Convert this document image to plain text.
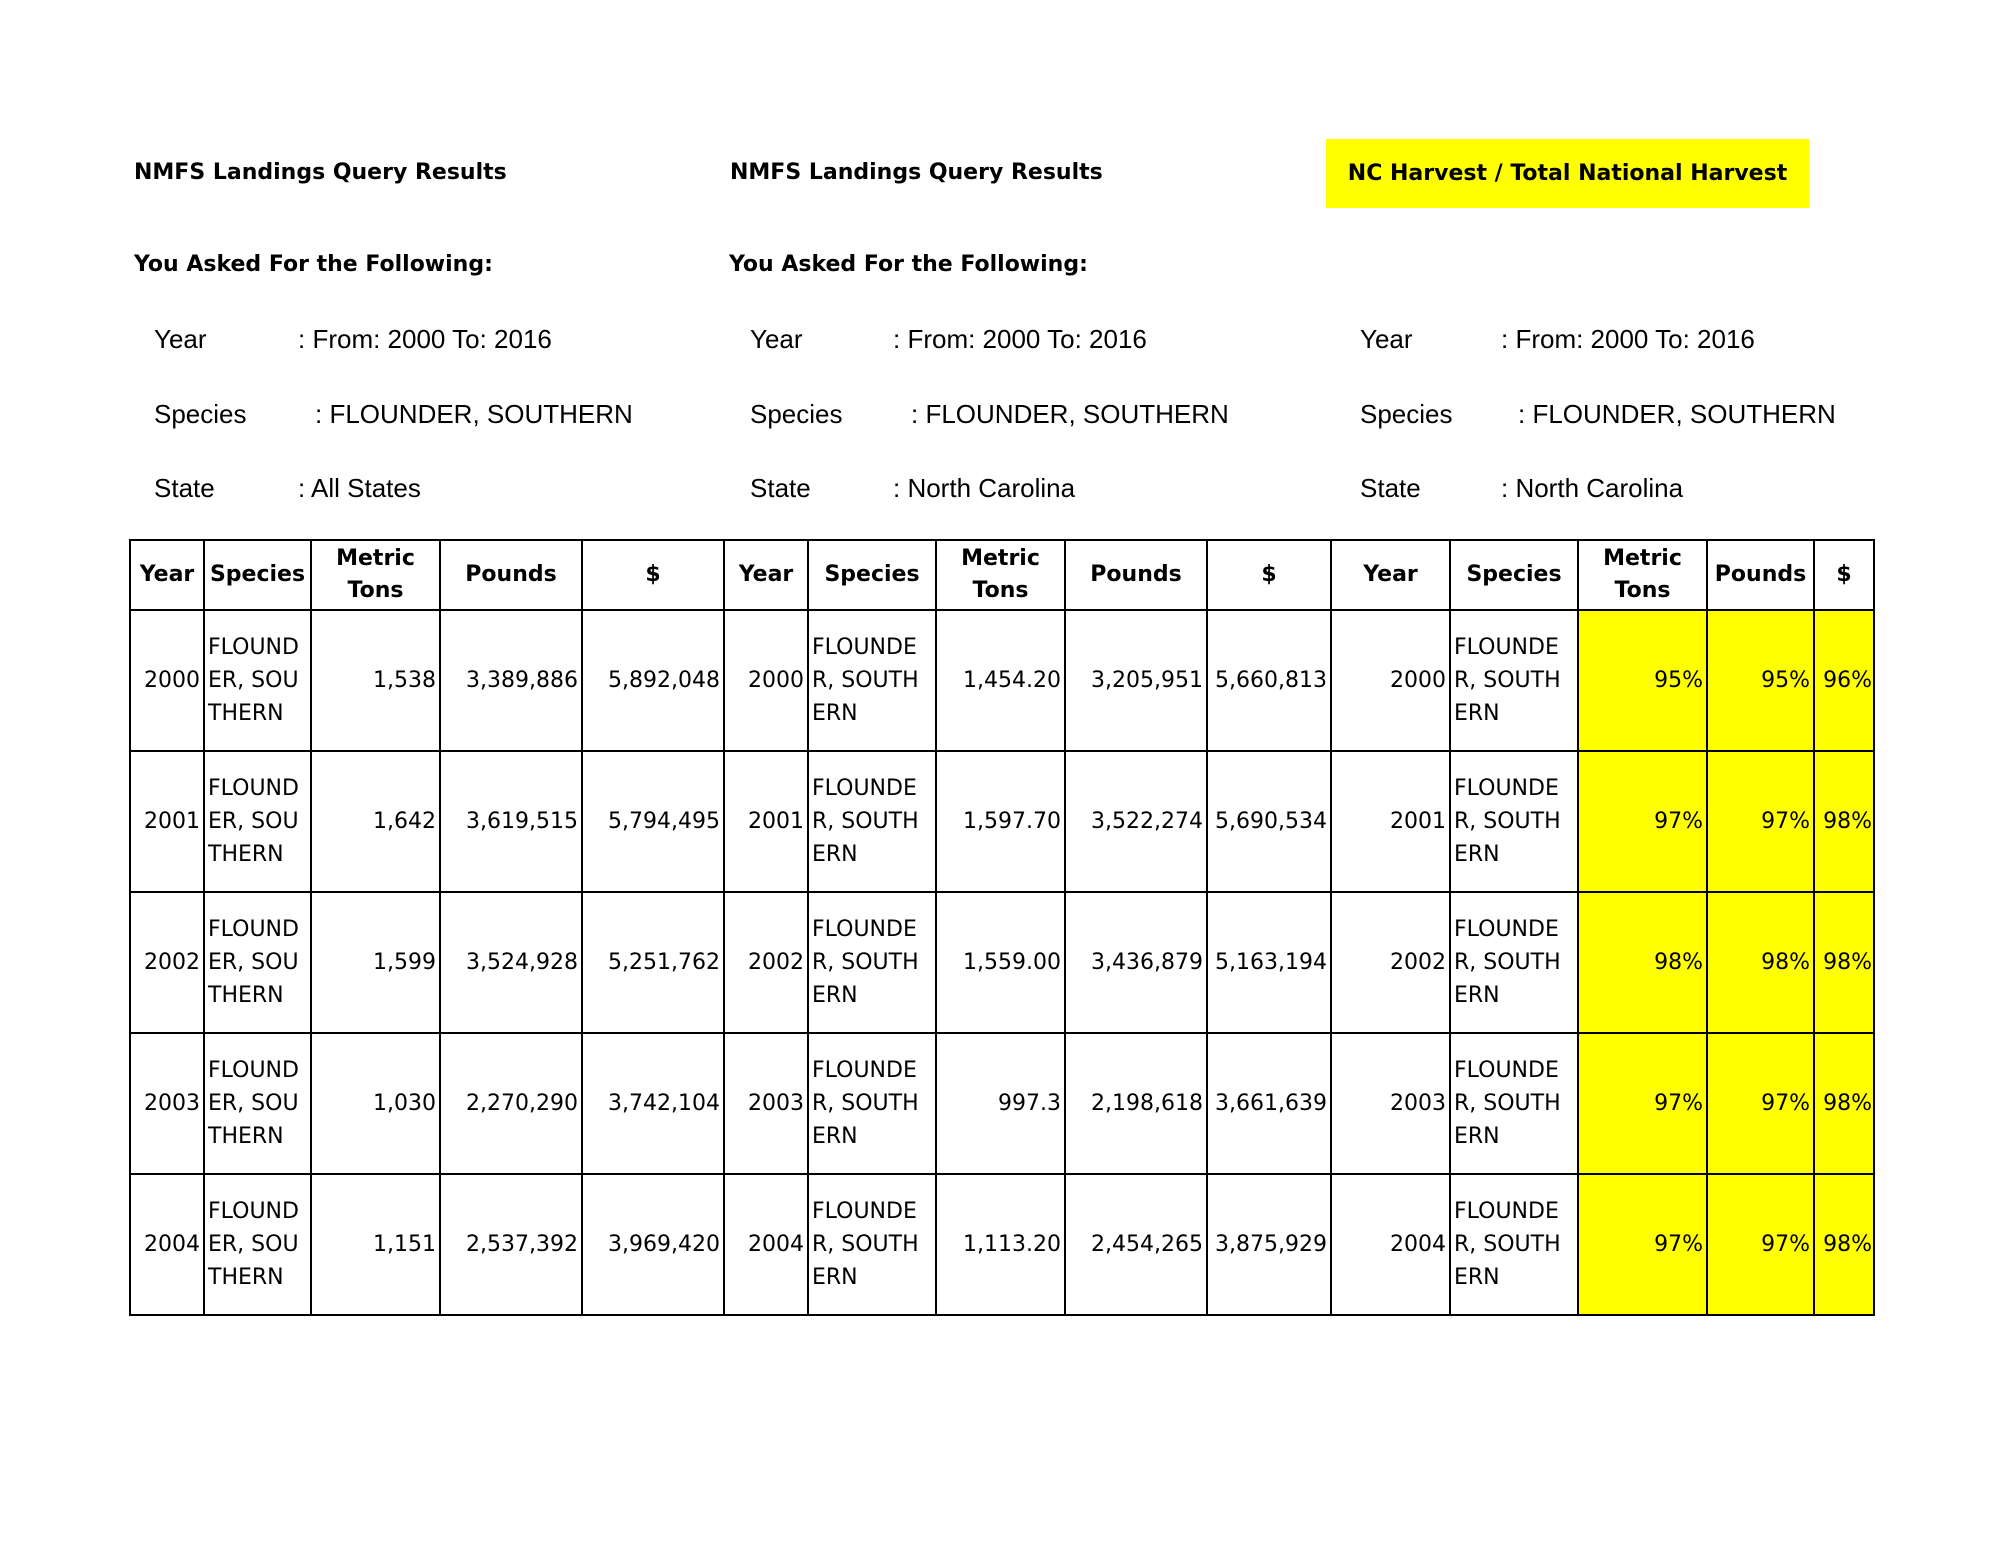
NMFS Landings Query Results
You Asked For the Following:
Year	: From: 2000 To: 2016
Species	: FLOUNDER, SOUTHERN
State	: All States
NMFS Landings Query Results
You Asked For the Following:
Year	: From: 2000 To: 2016
Species	: FLOUNDER, SOUTHERN
State	: North Carolina
NC Harvest / Total National Harvest
Year	: From: 2000 To: 2016
Species	: FLOUNDER, SOUTHERN
State	: North Carolina
Year	Species	Metric Tons	Pounds	$	Year	Species	Metric Tons	Pounds	$	Year	Species	Metric Tons	Pounds	$
2000	FLOUNDER, SOUTHERN	1,538	3,389,886	5,892,048	2000	FLOUNDER, SOUTHERN	1,454.20	3,205,951	5,660,813	2000	FLOUNDER, SOUTHERN	95%	95%	96%
2001	FLOUNDER, SOUTHERN	1,642	3,619,515	5,794,495	2001	FLOUNDER, SOUTHERN	1,597.70	3,522,274	5,690,534	2001	FLOUNDER, SOUTHERN	97%	97%	98%
2002	FLOUNDER, SOUTHERN	1,599	3,524,928	5,251,762	2002	FLOUNDER, SOUTHERN	1,559.00	3,436,879	5,163,194	2002	FLOUNDER, SOUTHERN	98%	98%	98%
2003	FLOUNDER, SOUTHERN	1,030	2,270,290	3,742,104	2003	FLOUNDER, SOUTHERN	997.3	2,198,618	3,661,639	2003	FLOUNDER, SOUTHERN	97%	97%	98%
2004	FLOUNDER, SOUTHERN	1,151	2,537,392	3,969,420	2004	FLOUNDER, SOUTHERN	1,113.20	2,454,265	3,875,929	2004	FLOUNDER, SOUTHERN	97%	97%	98%
